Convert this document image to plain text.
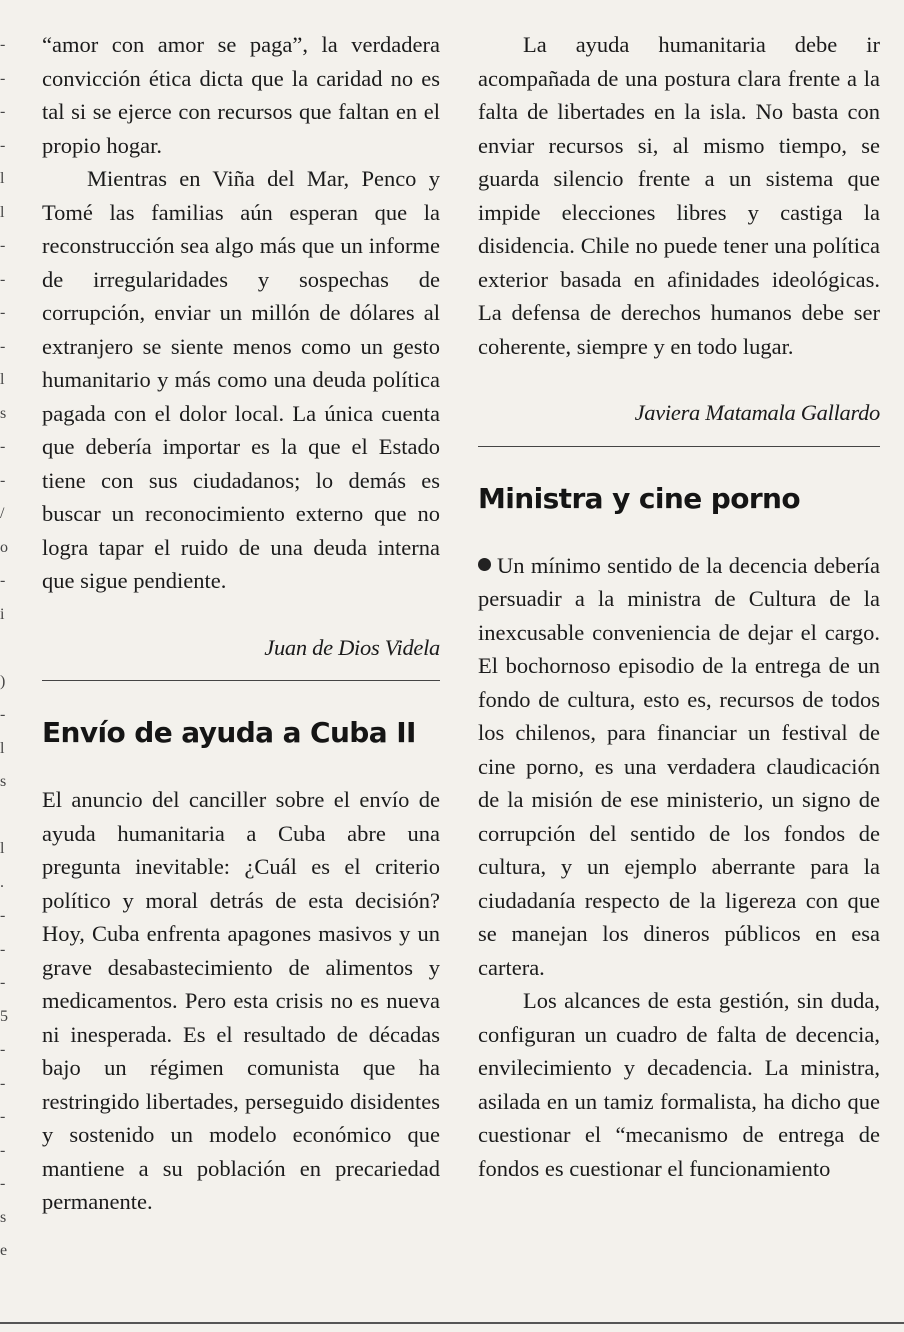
-
-
-
-
l
l
-
-
-
-
l
s
-
-
/
o
-
i
)
-
l
s
l
.
-
-
-
5
-
-
-
-
-
s
e

“amor con amor se paga”, la verdadera convicción ética dicta que la caridad no es tal si se ejerce con recursos que faltan en el propio hogar.

Mientras en Viña del Mar, Penco y Tomé las familias aún esperan que la reconstrucción sea algo más que un informe de irregularidades y sospechas de corrupción, enviar un millón de dólares al extranjero se siente menos como un gesto humanitario y más como una deuda política pagada con el dolor local. La única cuenta que debería importar es la que el Estado tiene con sus ciudadanos; lo demás es buscar un reconocimiento externo que no logra tapar el ruido de una deuda interna que sigue pendiente.

Juan de Dios Videla

Envío de ayuda a Cuba II

El anuncio del canciller sobre el envío de ayuda humanitaria a Cuba abre una pregunta inevitable: ¿Cuál es el criterio político y moral detrás de esta decisión? Hoy, Cuba enfrenta apagones masivos y un grave desabastecimiento de alimentos y medicamentos. Pero esta crisis no es nueva ni inesperada. Es el resultado de décadas bajo un régimen comunista que ha restringido libertades, perseguido disidentes y sostenido un modelo económico que mantiene a su población en precariedad permanente.

La ayuda humanitaria debe ir acompañada de una postura clara frente a la falta de libertades en la isla. No basta con enviar recursos si, al mismo tiempo, se guarda silencio frente a un sistema que impide elecciones libres y castiga la disidencia. Chile no puede tener una política exterior basada en afinidades ideológicas. La defensa de derechos humanos debe ser coherente, siempre y en todo lugar.

Javiera Matamala Gallardo

Ministra y cine porno

Un mínimo sentido de la decencia debería persuadir a la ministra de Cultura de la inexcusable conveniencia de dejar el cargo. El bochornoso episodio de la entrega de un fondo de cultura, esto es, recursos de todos los chilenos, para financiar un festival de cine porno, es una verdadera claudicación de la misión de ese ministerio, un signo de corrupción del sentido de los fondos de cultura, y un ejemplo aberrante para la ciudadanía respecto de la ligereza con que se manejan los dineros públicos en esa cartera.

Los alcances de esta gestión, sin duda, configuran un cuadro de falta de decencia, envilecimiento y decadencia. La ministra, asilada en un tamiz formalista, ha dicho que cuestionar el “mecanismo de entrega de fondos es cuestionar el funcionamiento
